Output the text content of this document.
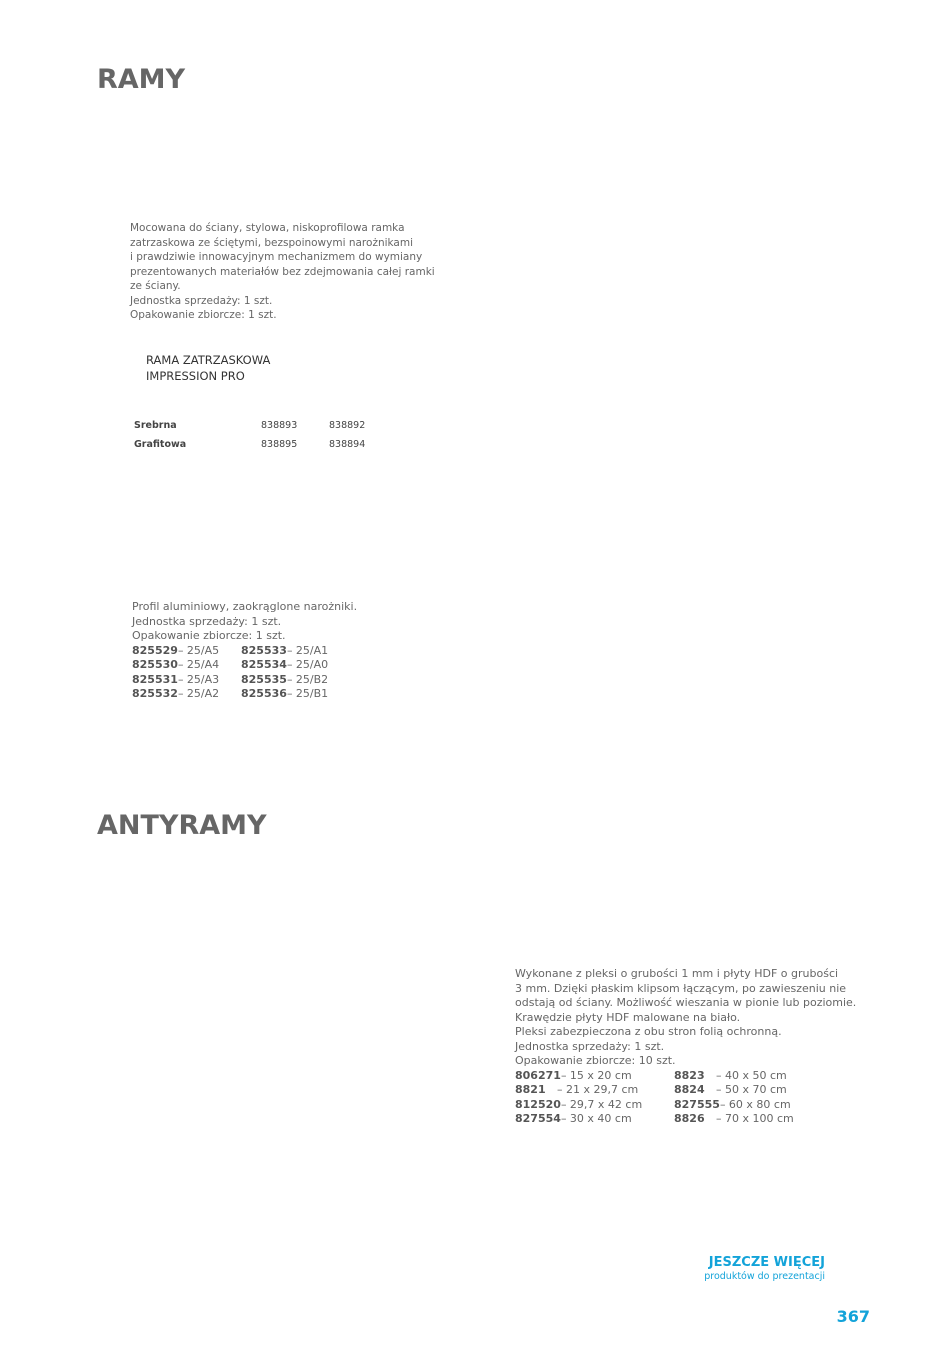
RAMY
Mocowana do ściany, stylowa, niskoprofilowa ramka
zatrzaskowa ze ściętymi, bezspoinowymi narożnikami
i prawdziwie innowacyjnym mechanizmem do wymiany
prezentowanych materiałów bez zdejmowania całej ramki
ze ściany.
Jednostka sprzedaży: 1 szt.
Opakowanie zbiorcze: 1 szt.
RAMA ZATRZASKOWA
IMPRESSION PRO
Srebrna	838893	838892
Grafitowa	838895	838894
Profil aluminiowy, zaokrąglone narożniki.
Jednostka sprzedaży: 1 szt.
Opakowanie zbiorcze: 1 szt.
825529 – 25/A5 825533 – 25/A1
825530 – 25/A4 825534 – 25/A0
825531 – 25/A3 825535 – 25/B2
825532 – 25/A2 825536 – 25/B1
ANTYRAMY
Wykonane z pleksi o grubości 1 mm i płyty HDF o grubości
3 mm. Dzięki płaskim klipsom łączącym, po zawieszeniu nie
odstają od ściany. Możliwość wieszania w pionie lub poziomie.
Krawędzie płyty HDF malowane na biało.
Pleksi zabezpieczona z obu stron folią ochronną.
Jednostka sprzedaży: 1 szt.
Opakowanie zbiorcze: 10 szt.
806271 – 15 x 20 cm	8823	– 40 x 50 cm
8821	– 21 x 29,7 cm	8824	– 50 x 70 cm
812520 – 29,7 x 42 cm	827555 – 60 x 80 cm
827554 – 30 x 40 cm	8826	– 70 x 100 cm
JESZCZE WIĘCEJ
produktów do prezentacji
367
